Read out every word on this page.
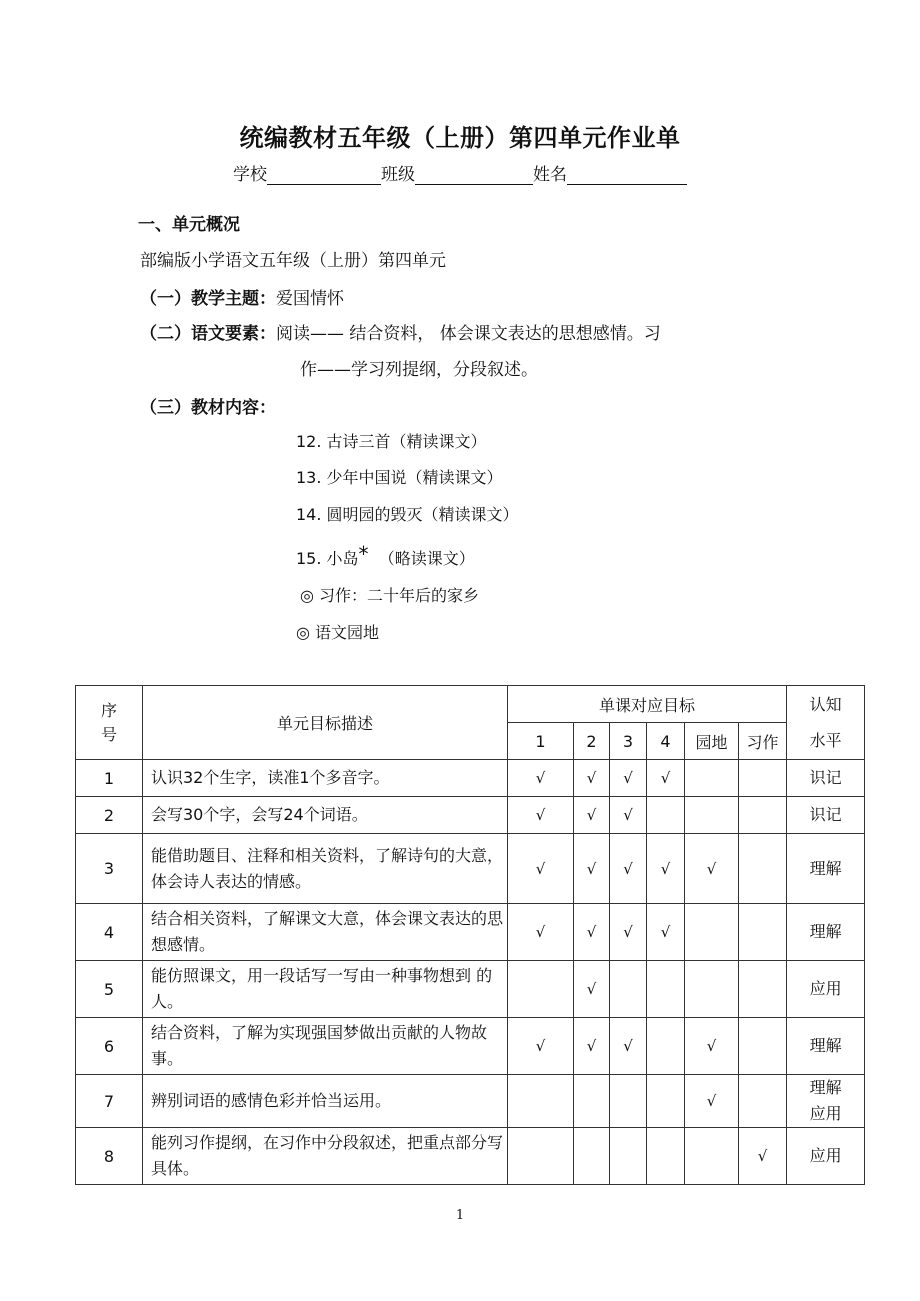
统编教材五年级（上册）第四单元作业单
学校	班级	姓名
一、单元概况
部编版小学语文五年级（上册）第四单元
（一）教学主题：爱国情怀
（二）语文要素：阅读—— 结合资料， 体会课文表达的思想感情。习
作——学习列提纲，分段叙述。
（三）教材内容：
12. 古诗三首（精读课文）
13. 少年中国说（精读课文）
14. 圆明园的毁灭（精读课文）
15. 小岛* （略读课文）
◎ 习作：二十年后的家乡
◎ 语文园地
序号	单元目标描述	单课对应目标						认知水平

		1	2	3	4	园地	习作	
1	认识32个生字，读准1个多音字。	√	√	√	√			识记
2	会写30个字，会写24个词语。	√	√	√				识记
3	能借助题目、注释和相关资料，了解诗句的大意，体会诗人表达的情感。	√	√	√	√	√		理解
4	结合相关资料，了解课文大意，体会课文表达的思想感情。	√	√	√	√			理解
5	能仿照课文，用一段话写一写由一种事物想到 的人。		√					应用
6	结合资料，了解为实现强国梦做出贡献的人物故事。	√	√	√		√		理解
7	辨别词语的感情色彩并恰当运用。					√		理解应用
8	能列习作提纲，在习作中分段叙述，把重点部分写具体。						√	应用
1
